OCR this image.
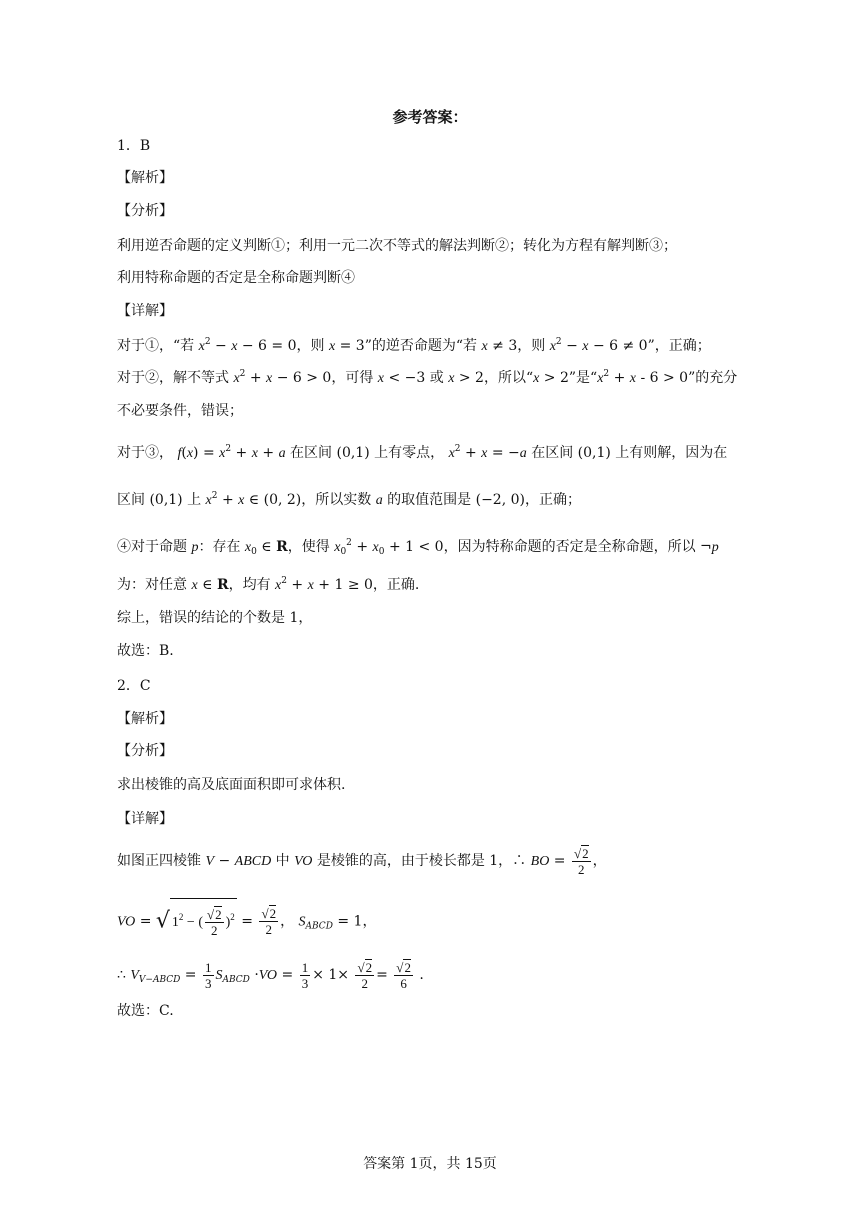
参考答案：
1．B
【解析】
【分析】
利用逆否命题的定义判断①；利用一元二次不等式的解法判断②；转化为方程有解判断③；
利用特称命题的否定是全称命题判断④
【详解】
对于①，“若 $x^2 - x - 6 = 0$，则 x = 3”的逆否命题为“若 x ≠ 3，则 $x^2 - x - 6 \ne 0$”，正确；
对于②，解不等式 $x^2 + x - 6 > 0$，可得 x < −3 或 x > 2，所以“x > 2”是“$x^2 + x - 6 > 0$”的充分
不必要条件，错误；
对于③， $f(x) = x^2 + x + a$ 在区间 (0,1) 上有零点， $x^2 + x = -a$ 在区间 (0,1) 上有则解，因为在
区间 (0,1) 上 $x^2 + x$ ∈ (0, 2)，所以实数 a 的取值范围是 (−2, 0)，正确；
④对于命题 p：存在 $x_0$ ∈ R，使得 $x_0^2 + x_0 + 1 < 0$，因为特称命题的否定是全称命题，所以 ¬p
为：对任意 x ∈ R，均有 $x^2 + x + 1 \ge 0$，正确.
综上，错误的结论的个数是 1，
故选：B.
2．C
【解析】
【分析】
求出棱锥的高及底面面积即可求体积.
【详解】
如图正四棱锥 V − ABCD 中 VO 是棱锥的高，由于棱长都是 1，∴ BO = $\frac{√2}{2}$ ，
VO = √ $1^2$ − ( $\frac{√2}{2} )^2 = \frac{√2}{2}$ ， $S_{ABCD} = 1$，
∴ $V_{V-ABCD} = \frac{1}{3} S_{ABCD} \cdot VO = \frac{1}{3} \times 1\times \frac{√2}{2} = \frac{√2}{6}$ .
故选：C.
答案第 1页，共 15页
